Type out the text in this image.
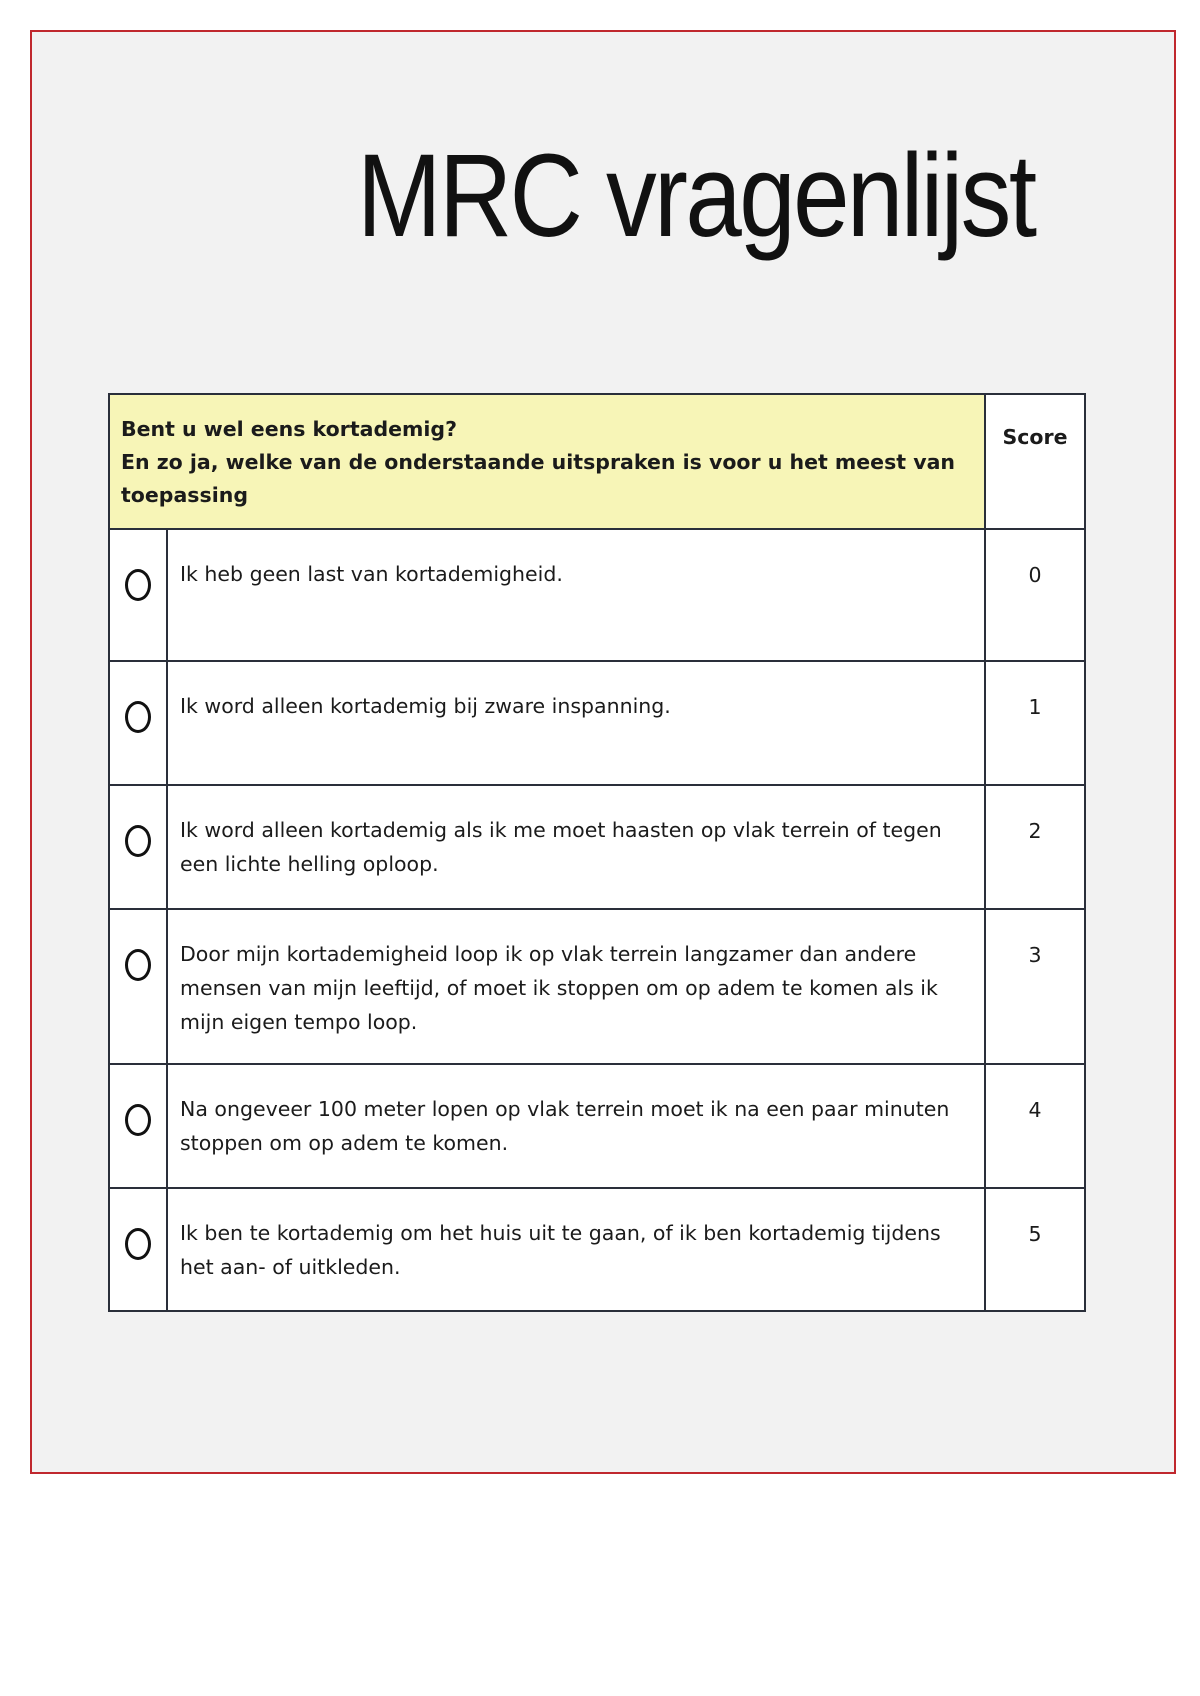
MRC vragenlijst
Bent u wel eens kortademig?
En zo ja, welke van de onderstaande uitspraken is voor u het meest van toepassing		Score
	Ik heb geen last van kortademigheid.	0
	Ik word alleen kortademig bij zware inspanning.	1
	Ik word alleen kortademig als ik me moet haasten op vlak terrein of tegen een lichte helling oploop.	2
	Door mijn kortademigheid loop ik op vlak terrein langzamer dan andere mensen van mijn leeftijd, of moet ik stoppen om op adem te komen als ik mijn eigen tempo loop.	3
	Na ongeveer 100 meter lopen op vlak terrein moet ik na een paar minuten stoppen om op adem te komen.	4
	Ik ben te kortademig om het huis uit te gaan, of ik ben kortademig tijdens het aan- of uitkleden.	5
